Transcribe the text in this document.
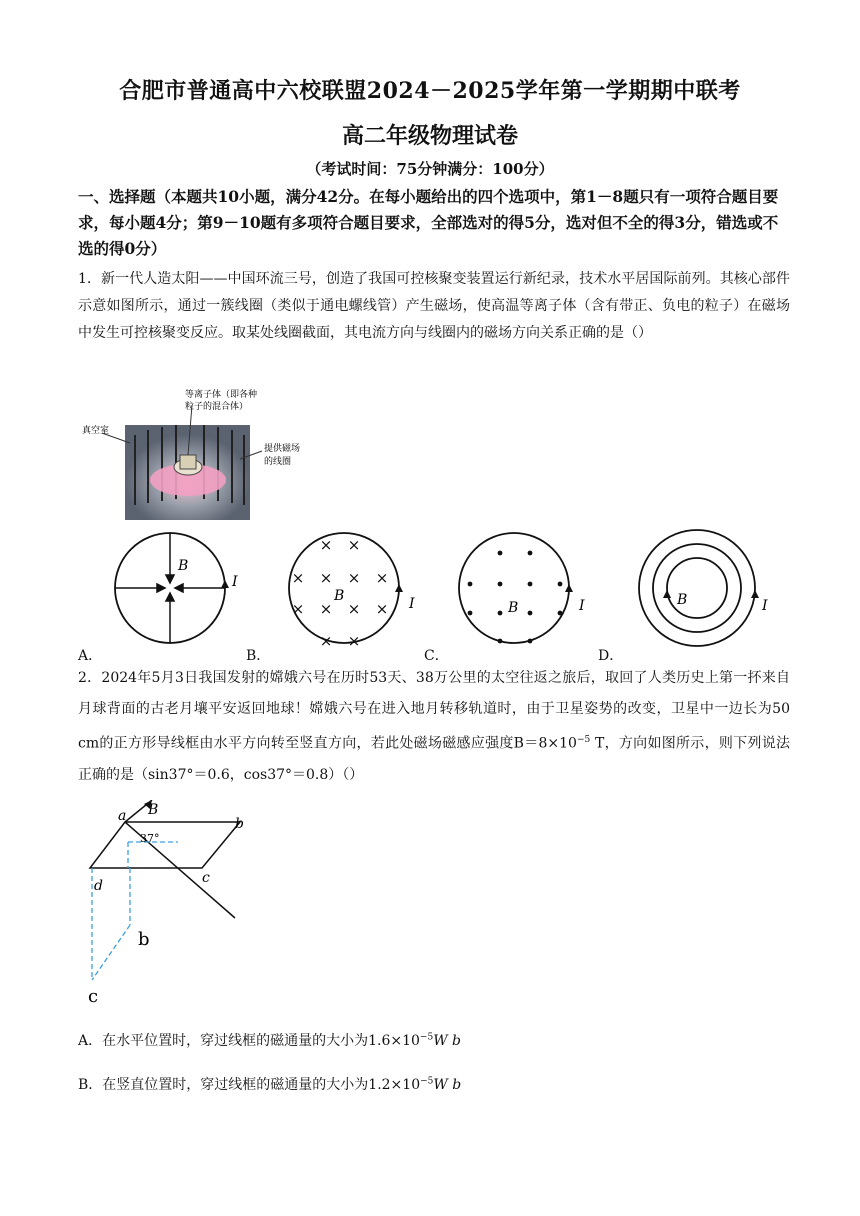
合肥市普通高中六校联盟2024－2025学年第一学期期中联考
高二年级物理试卷
（考试时间：75分钟满分：100分）
一、选择题（本题共10小题，满分42分。在每小题给出的四个选项中，第1－8题只有一项符合题目要求，每小题4分；第9－10题有多项符合题目要求，全部选对的得5分，选对但不全的得3分，错选或不选的得0分）
1．新一代人造太阳——中国环流三号，创造了我国可控核聚变装置运行新纪录，技术水平居国际前列。其核心部件示意如图所示，通过一簇线圈（类似于通电螺线管）产生磁场，使高温等离子体（含有带正、负电的粒子）在磁场中发生可控核聚变反应。取某处线圈截面，其电流方向与线圈内的磁场方向关系正确的是（）
等离子体（即各种
粒子的混合体）
真空室
提供磁场
的线圈
B
I
× ×
× × × ×
× × × ×
× ×
B	I	B	I	B	I
A．	B．	C．	D．
2．2024年5月3日我国发射的嫦娥六号在历时53天、38万公里的太空往返之旅后，取回了人类历史上第一抔来自月球背面的古老月壤平安返回地球！嫦娥六号在进入地月转移轨道时，由于卫星姿势的改变，卫星中一边长为50 cm的正方形导线框由水平方向转至竖直方向，若此处磁场磁感应强度$B=8\times 10^{-5}$ T，方向如图所示，则下列说法正确的是（sin37°＝0.6，cos37°＝0.8）（）
a B
b
37°
d	c
b
c
A．在水平位置时，穿过线框的磁通量的大小为$1.6\times 10^{-5}W$ b
B．在竖直位置时，穿过线框的磁通量的大小为$1.2\times 10^{-5}W$ b
